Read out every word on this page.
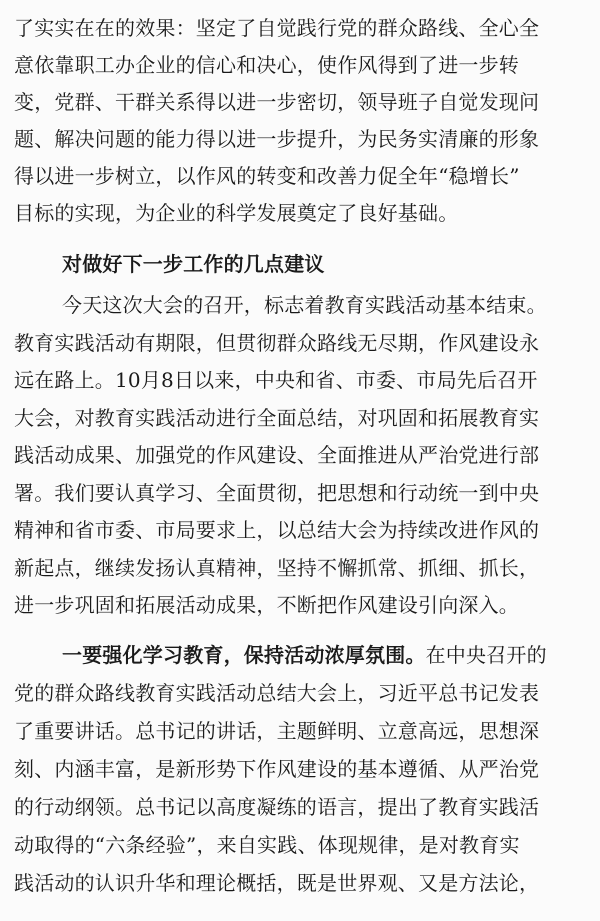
了实实在在的效果：坚定了自觉践行党的群众路线、全心全
意依靠职工办企业的信心和决心，使作风得到了进一步转
变，党群、干群关系得以进一步密切，领导班子自觉发现问
题、解决问题的能力得以进一步提升，为民务实清廉的形象
得以进一步树立，以作风的转变和改善力促全年“稳增长”
目标的实现，为企业的科学发展奠定了良好基础。
对做好下一步工作的几点建议
今天这次大会的召开，标志着教育实践活动基本结束。
教育实践活动有期限，但贯彻群众路线无尽期，作风建设永
远在路上。10月8日以来，中央和省、市委、市局先后召开
大会，对教育实践活动进行全面总结，对巩固和拓展教育实
践活动成果、加强党的作风建设、全面推进从严治党进行部
署。我们要认真学习、全面贯彻，把思想和行动统一到中央
精神和省市委、市局要求上，以总结大会为持续改进作风的
新起点，继续发扬认真精神，坚持不懈抓常、抓细、抓长，
进一步巩固和拓展活动成果，不断把作风建设引向深入。
一要强化学习教育，保持活动浓厚氛围。在中央召开的
党的群众路线教育实践活动总结大会上，习近平总书记发表
了重要讲话。总书记的讲话，主题鲜明、立意高远，思想深
刻、内涵丰富，是新形势下作风建设的基本遵循、从严治党
的行动纲领。总书记以高度凝练的语言，提出了教育实践活
动取得的“六条经验”，来自实践、体现规律，是对教育实
践活动的认识升华和理论概括，既是世界观、又是方法论，
